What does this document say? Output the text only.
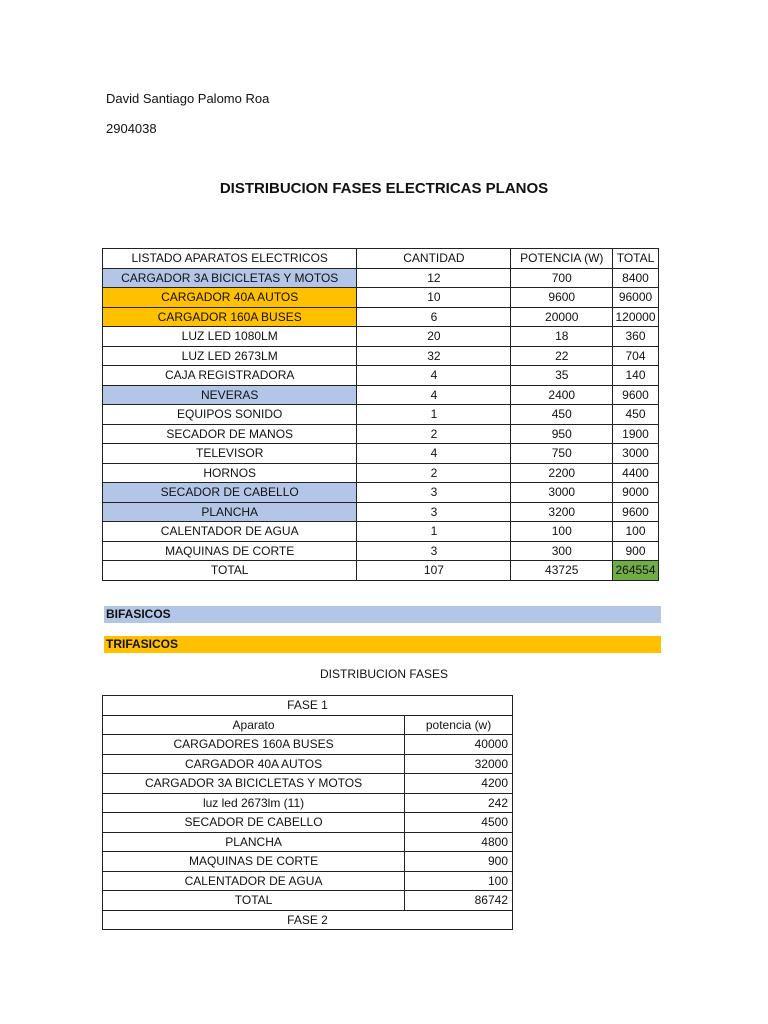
David Santiago Palomo Roa
2904038
DISTRIBUCION FASES ELECTRICAS PLANOS
LISTADO APARATOS ELECTRICOS	CANTIDAD	POTENCIA (W)	TOTAL
CARGADOR 3A BICICLETAS Y MOTOS	12	700	8400
CARGADOR 40A AUTOS	10	9600	96000
CARGADOR 160A BUSES	6	20000	120000
LUZ LED 1080LM	20	18	360
LUZ LED 2673LM	32	22	704
CAJA REGISTRADORA	4	35	140
NEVERAS	4	2400	9600
EQUIPOS SONIDO	1	450	450
SECADOR DE MANOS	2	950	1900
TELEVISOR	4	750	3000
HORNOS	2	2200	4400
SECADOR DE CABELLO	3	3000	9000
PLANCHA	3	3200	9600
CALENTADOR DE AGUA	1	100	100
MAQUINAS DE CORTE	3	300	900
TOTAL	107	43725	264554
BIFASICOS
TRIFASICOS
DISTRIBUCION FASES
FASE 1	
Aparato	potencia (w)
CARGADORES 160A BUSES	40000
CARGADOR 40A AUTOS	32000
CARGADOR 3A BICICLETAS Y MOTOS	4200
luz led 2673lm (11)	242
SECADOR DE CABELLO	4500
PLANCHA	4800
MAQUINAS DE CORTE	900
CALENTADOR DE AGUA	100
TOTAL	86742
FASE 2	
